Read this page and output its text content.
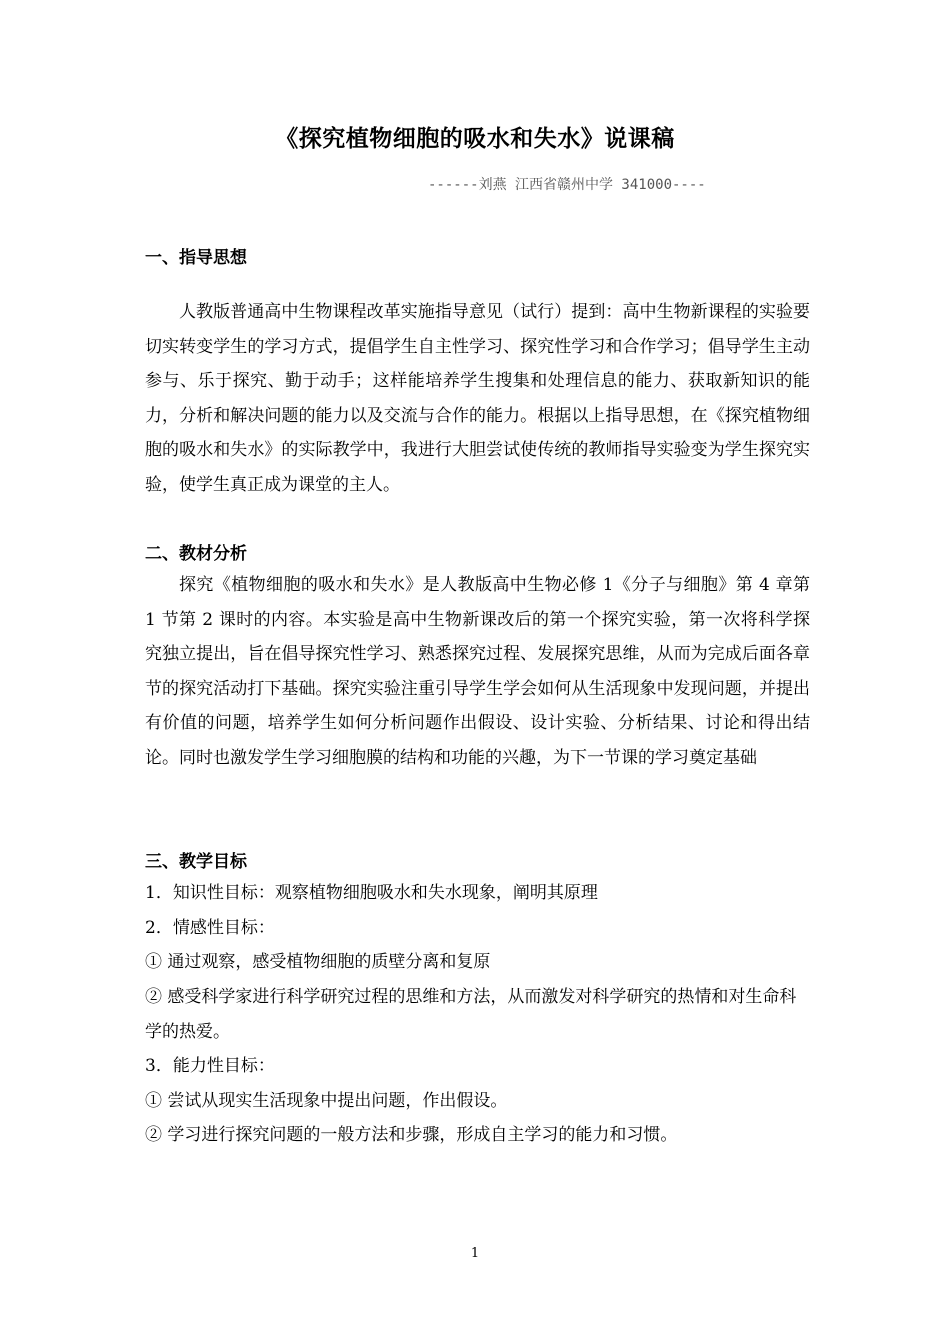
《探究植物细胞的吸水和失水》说课稿
------刘燕 江西省赣州中学 341000----
一、指导思想

人教版普通高中生物课程改革实施指导意见（试行）提到：高中生物新课程的实验要切实转变学生的学习方式，提倡学生自主性学习、探究性学习和合作学习；倡导学生主动参与、乐于探究、勤于动手；这样能培养学生搜集和处理信息的能力、获取新知识的能力，分析和解决问题的能力以及交流与合作的能力。根据以上指导思想，在《探究植物细胞的吸水和失水》的实际教学中，我进行大胆尝试使传统的教师指导实验变为学生探究实验，使学生真正成为课堂的主人。

二、教材分析

探究《植物细胞的吸水和失水》是人教版高中生物必修 1《分子与细胞》第 4 章第 1 节第 2 课时的内容。本实验是高中生物新课改后的第一个探究实验，第一次将科学探究独立提出，旨在倡导探究性学习、熟悉探究过程、发展探究思维，从而为完成后面各章节的探究活动打下基础。探究实验注重引导学生学会如何从生活现象中发现问题，并提出有价值的问题，培养学生如何分析问题作出假设、设计实验、分析结果、讨论和得出结论。同时也激发学生学习细胞膜的结构和功能的兴趣，为下一节课的学习奠定基础

三、教学目标
1．知识性目标：观察植物细胞吸水和失水现象，阐明其原理
2．情感性目标：
① 通过观察，感受植物细胞的质壁分离和复原

② 感受科学家进行科学研究过程的思维和方法，从而激发对科学研究的热情和对生命科学的热爱。

3．能力性目标：
① 尝试从现实生活现象中提出问题，作出假设。
② 学习进行探究问题的一般方法和步骤，形成自主学习的能力和习惯。
1
